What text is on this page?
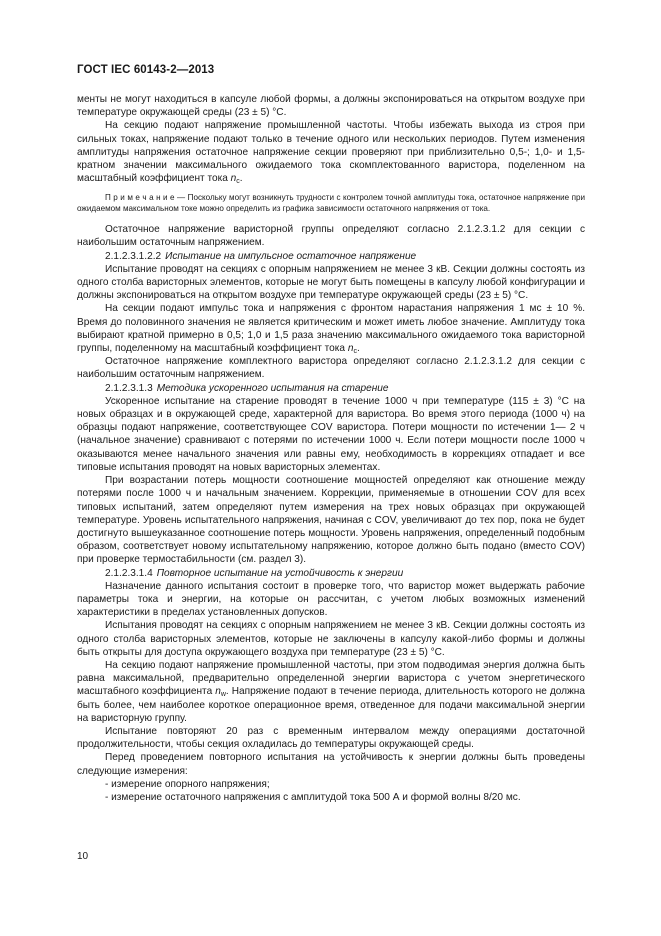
ГОСТ IEC 60143-2—2013

менты не могут находиться в капсуле любой формы, а должны экспонироваться на открытом воздухе при температуре окружающей среды (23 ± 5) °C.

На секцию подают напряжение промышленной частоты. Чтобы избежать выхода из строя при сильных токах, напряжение подают только в течение одного или нескольких периодов. Путем изменения амплитуды напряжения остаточное напряжение секции проверяют при приблизительно 0,5-; 1,0- и 1,5-кратном значении максимального ожидаемого тока скомплектованного варистора, поделенном на масштабный коэффициент тока $n_c$.

П р и м е ч а н и е — Поскольку могут возникнуть трудности с контролем точной амплитуды тока, остаточное напряжение при ожидаемом максимальном токе можно определить из графика зависимости остаточного напряжения от тока.

Остаточное напряжение варисторной группы определяют согласно 2.1.2.3.1.2 для секции с наибольшим остаточным напряжением.

2.1.2.3.1.2.2 Испытание на импульсное остаточное напряжение

Испытание проводят на секциях с опорным напряжением не менее 3 кВ. Секции должны состоять из одного столба варисторных элементов, которые не могут быть помещены в капсулу любой конфигурации и должны экспонироваться на открытом воздухе при температуре окружающей среды (23 ± 5) °C.

На секции подают импульс тока и напряжения с фронтом нарастания напряжения 1 мс ± 10 %. Время до половинного значения не является критическим и может иметь любое значение. Амплитуду тока выбирают кратной примерно в 0,5; 1,0 и 1,5 раза значению максимального ожидаемого тока варисторной группы, поделенному на масштабный коэффициент тока $n_c$.

Остаточное напряжение комплектного варистора определяют согласно 2.1.2.3.1.2 для секции с наибольшим остаточным напряжением.

2.1.2.3.1.3 Методика ускоренного испытания на старение

Ускоренное испытание на старение проводят в течение 1000 ч при температуре (115 ± 3) °C на новых образцах и в окружающей среде, характерной для варистора. Во время этого периода (1000 ч) на образцы подают напряжение, соответствующее COV варистора. Потери мощности по истечении 1— 2 ч (начальное значение) сравнивают с потерями по истечении 1000 ч. Если потери мощности после 1000 ч оказываются менее начального значения или равны ему, необходимость в коррекциях отпадает и все типовые испытания проводят на новых варисторных элементах.

При возрастании потерь мощности соотношение мощностей определяют как отношение между потерями после 1000 ч и начальным значением. Коррекции, применяемые в отношении COV для всех типовых испытаний, затем определяют путем измерения на трех новых образцах при окружающей температуре. Уровень испытательного напряжения, начиная с COV, увеличивают до тех пор, пока не будет достигнуто вышеуказанное соотношение потерь мощности. Уровень напряжения, определенный подобным образом, соответствует новому испытательному напряжению, которое должно быть подано (вместо COV) при проверке термостабильности (см. раздел 3).

2.1.2.3.1.4 Повторное испытание на устойчивость к энергии

Назначение данного испытания состоит в проверке того, что варистор может выдержать рабочие параметры тока и энергии, на которые он рассчитан, с учетом любых возможных изменений характеристики в пределах установленных допусков.

Испытания проводят на секциях с опорным напряжением не менее 3 кВ. Секции должны состоять из одного столба варисторных элементов, которые не заключены в капсулу какой-либо формы и должны быть открыты для доступа окружающего воздуха при температуре (23 ± 5) °C.

На секцию подают напряжение промышленной частоты, при этом подводимая энергия должна быть равна максимальной, предварительно определенной энергии варистора с учетом энергетического масштабного коэффициента $n_w$. Напряжение подают в течение периода, длительность которого не должна быть более, чем наиболее короткое операционное время, отведенное для подачи максимальной энергии на варисторную группу.

Испытание повторяют 20 раз с временным интервалом между операциями достаточной продолжительности, чтобы секция охладилась до температуры окружающей среды.

Перед проведением повторного испытания на устойчивость к энергии должны быть проведены следующие измерения:

- измерение опорного напряжения;

- измерение остаточного напряжения с амплитудой тока 500 А и формой волны 8/20 мс.

10
